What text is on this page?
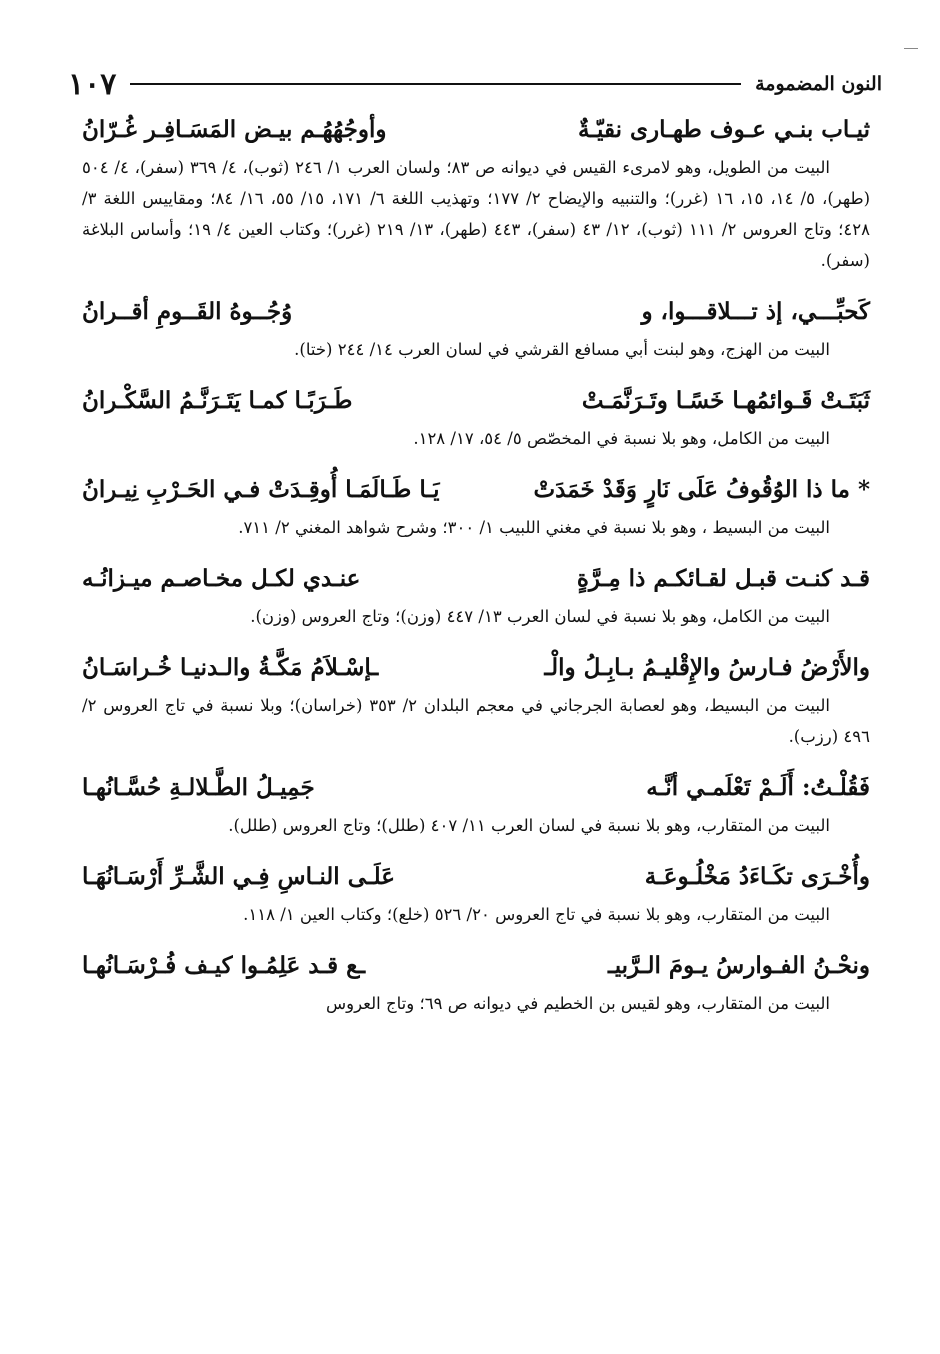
النون المضمومة
١٠٧
ثيـاب بنـي عـوف طهـارى نقيّـةٌ
وأوجُهُهُـم بيـض المَسَـافِـر غُـرّانُ
البيت من الطويل، وهو لامرىء القيس في ديوانه ص ٨٣؛ ولسان العرب ١/ ٢٤٦ (ثوب)، ٤/ ٣٦٩ (سفر)، ٤/ ٥٠٤ (طهر)، ٥/ ١٤، ١٥، ١٦ (غرر)؛ والتنبيه والإيضاح ٢/ ١٧٧؛ وتهذيب اللغة ٦/ ١٧١، ١٥/ ٥٥، ١٦/ ٨٤؛ ومقاييس اللغة ٣/ ٤٢٨؛ وتاج العروس ٢/ ١١١ (ثوب)، ١٢/ ٤٣ (سفر)، ٤٤٣ (طهر)، ١٣/ ٢١٩ (غرر)؛ وكتاب العين ٤/ ١٩؛ وأساس البلاغة (سفر).
كَحبِّـــي، إذ تـــلاقـــوا، و
وُجُــوهُ القَــومِ أقــرانُ
البيت من الهزج، وهو لبنت أبي مسافع القرشي في لسان العرب ١٤/ ٢٤٤ (ختا).
ثَبَتَـتْ قَـوائمُهـا خَسًـا وتَـرَنَّمَـتْ
طَـرَبًـا كمـا يَتَـرَنَّـمُ السَّكْـرانُ
البيت من الكامل، وهو بلا نسبة في المخصّص ٥/ ٥٤، ١٧/ ١٢٨.
* ما ذا الوُقُوفُ عَلَى نَارٍ وَقَدْ خَمَدَتْ
يَـا طَـالَمَـا أُوقِـدَتْ فـي الحَـرْبِ نِيـرانُ
البيت من البسيط ، وهو بلا نسبة في مغني اللبيب ١/ ٣٠٠؛ وشرح شواهد المغني ٢/ ٧١١.
قـد كنـت قبـل لقـائكـم ذا مِـرَّةٍ
عنـدي لكـل مخـاصـم ميـزانُـه
البيت من الكامل، وهو بلا نسبة في لسان العرب ١٣/ ٤٤٧ (وزن)؛ وتاج العروس (وزن).
والأَرْضُ فـارسُ والإِقْليـمُ بـابِـلُ والْـ
ـإسْـلاَمُ مَكَّـةُ والـدنيـا خُـراسَـانُ
البيت من البسيط، وهو لعصابة الجرجاني في معجم البلدان ٢/ ٣٥٣ (خراسان)؛ وبلا نسبة في تاج العروس ٢/ ٤٩٦ (رزب).
فَقُلْـتُ: أَلَـمْ تَعْلَمـي أنَّـه
جَمِيـلُ الطَّـلالـةِ حُسَّـانُهـا
البيت من المتقارب، وهو بلا نسبة في لسان العرب ١١/ ٤٠٧ (طلل)؛ وتاج العروس (طلل).
وأُخْـرَى تكَـاءَدُ مَخْلُـوعَـة
عَلَـى النـاسِ فِـي الشَّـرِّ أَرْسَـانُهَـا
البيت من المتقارب، وهو بلا نسبة في تاج العروس ٢٠/ ٥٢٦ (خلع)؛ وكتاب العين ١/ ١١٨.
ونحْـنُ الفـوارسُ يـومَ الـرَّبيـ
ـع قـد عَلِمُـوا كيـف فُـرْسَـانُهـا
البيت من المتقارب، وهو لقيس بن الخطيم في ديوانه ص ٦٩؛ وتاج العروس
